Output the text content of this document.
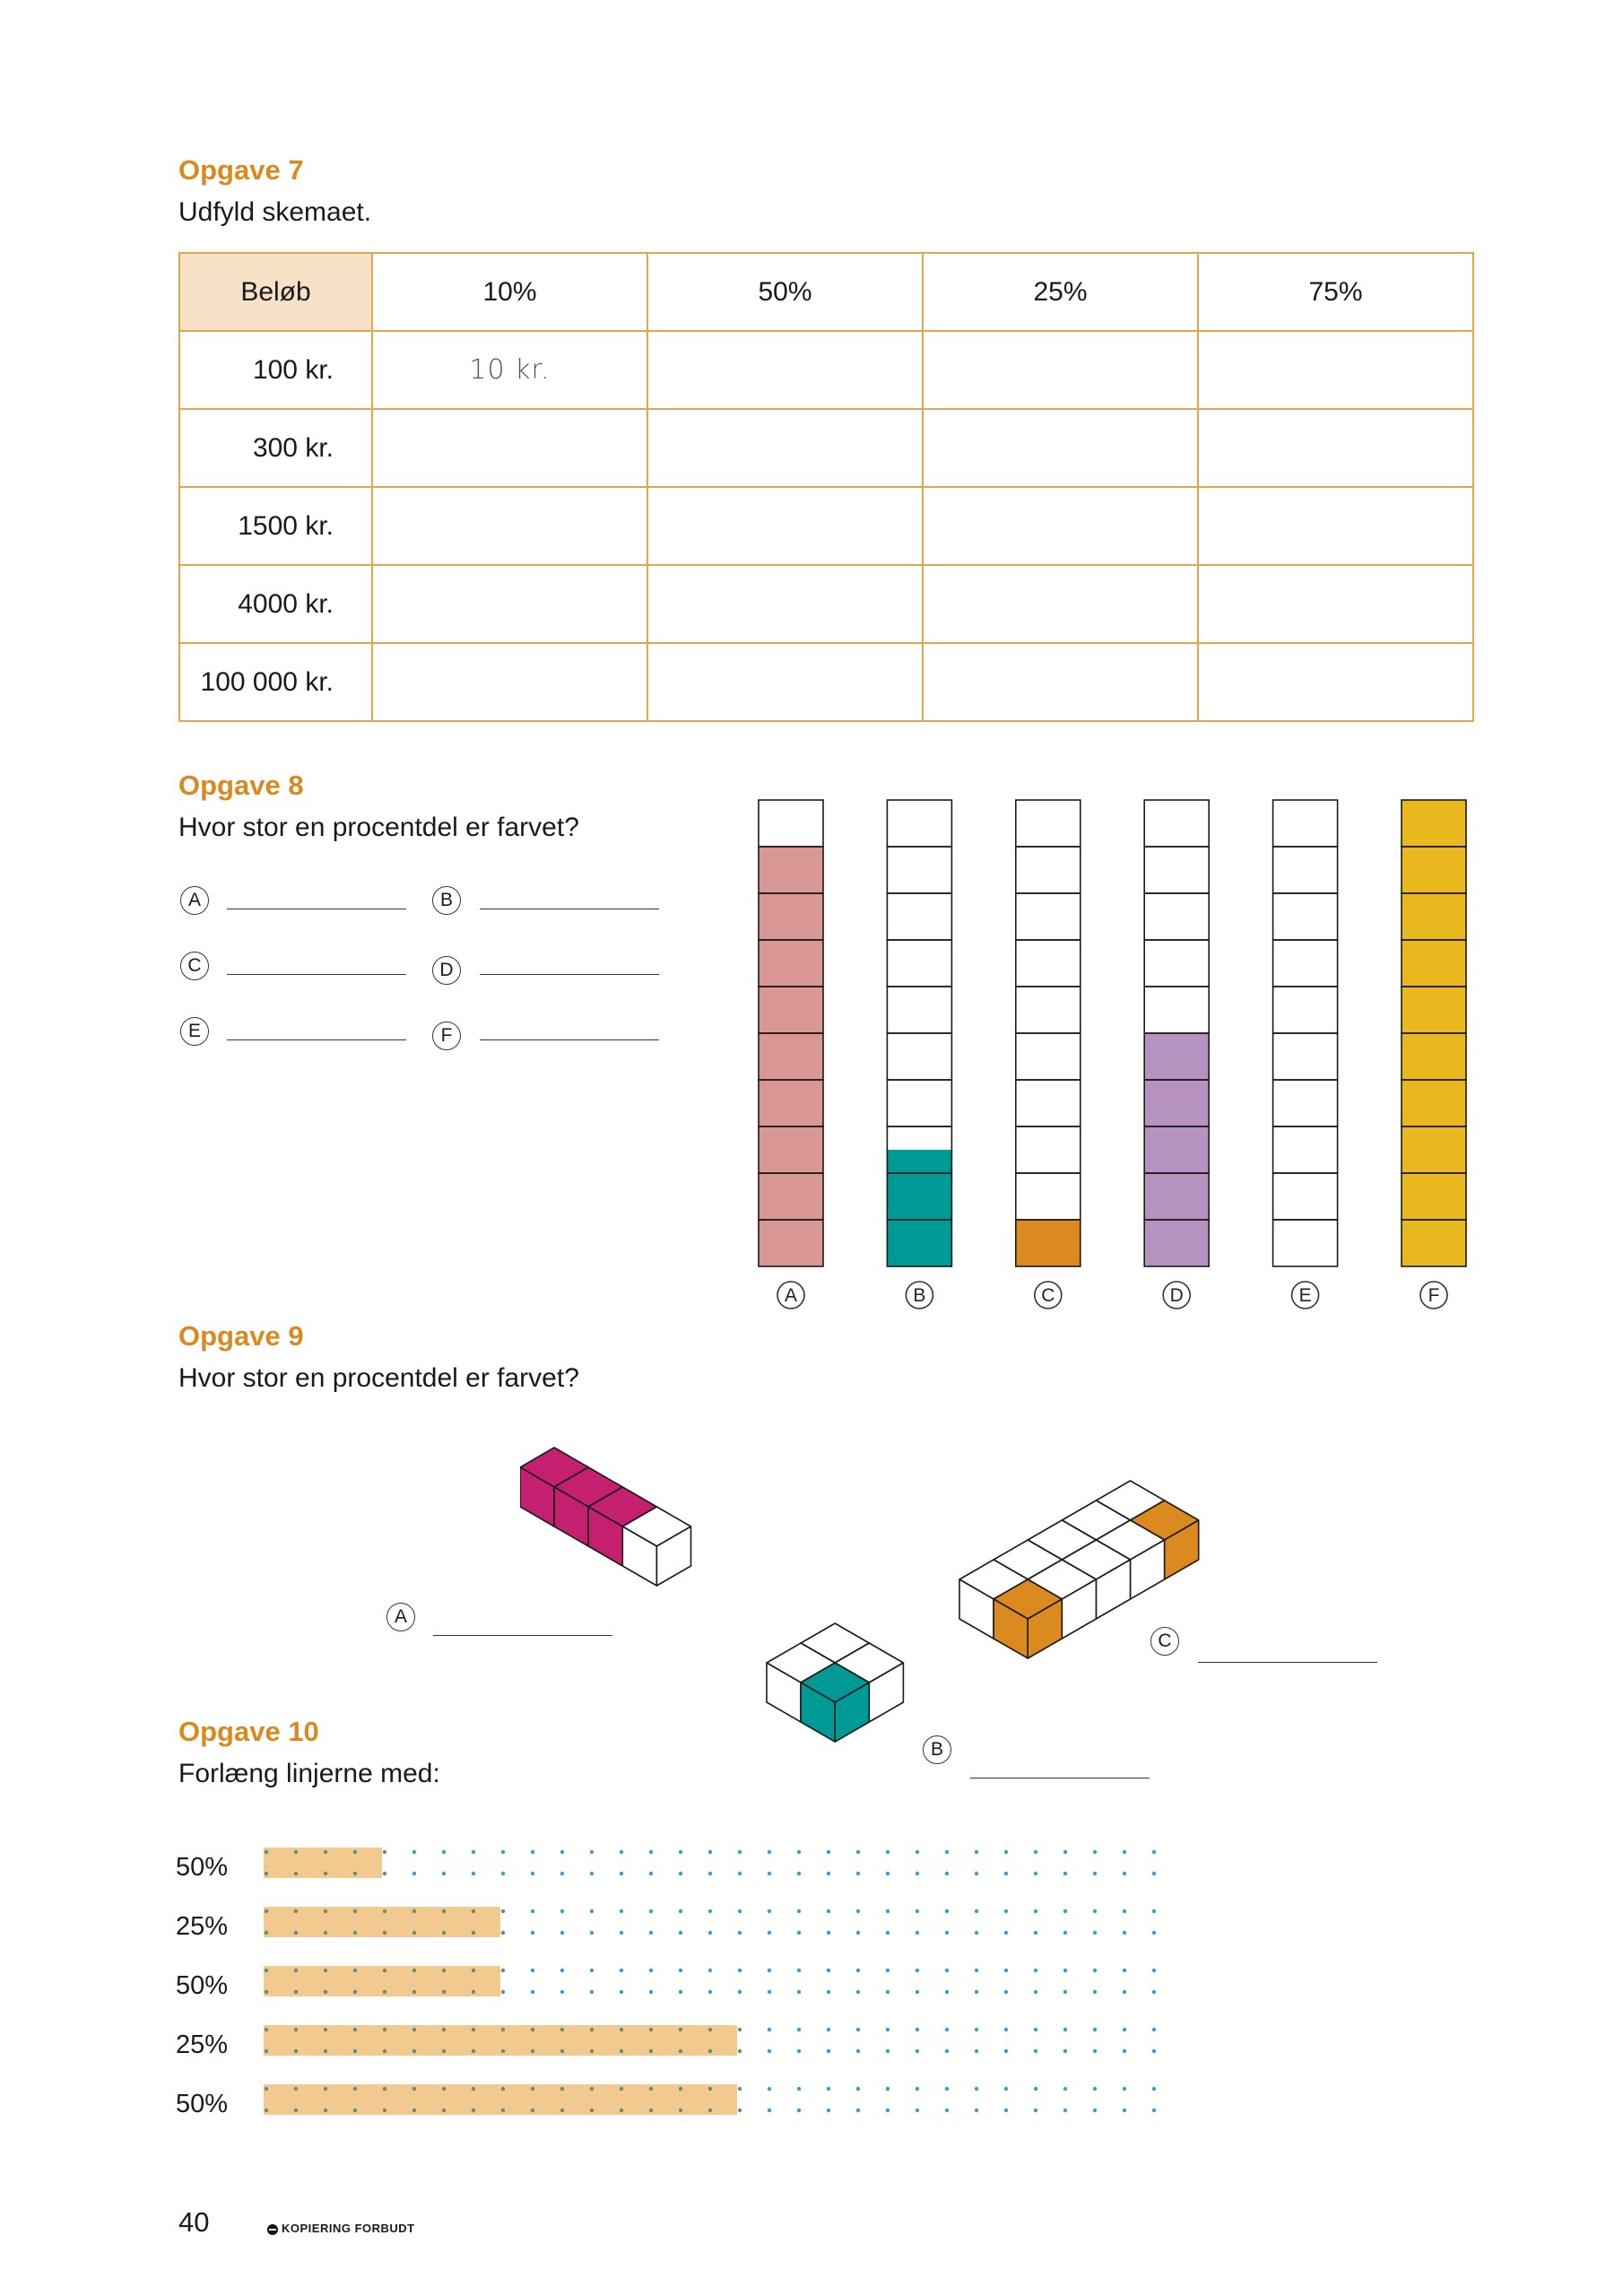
Opgave 7
Udfyld skemaet.
Beløb	10%	50%	25%	75%
100 kr.	10 kr.			
300 kr.				
1500 kr.				
4000 kr.				
100 000 kr.				
Opgave 8
Hvor stor en procentdel er farvet?
A	B
C	D
E	F
A	B	C	D	E	F
Opgave 9
Hvor stor en procentdel er farvet?
A
B
C
Opgave 10
Forlæng linjerne med:
50%
25%
50%
25%
50%
40	KOPIERING FORBUDT
